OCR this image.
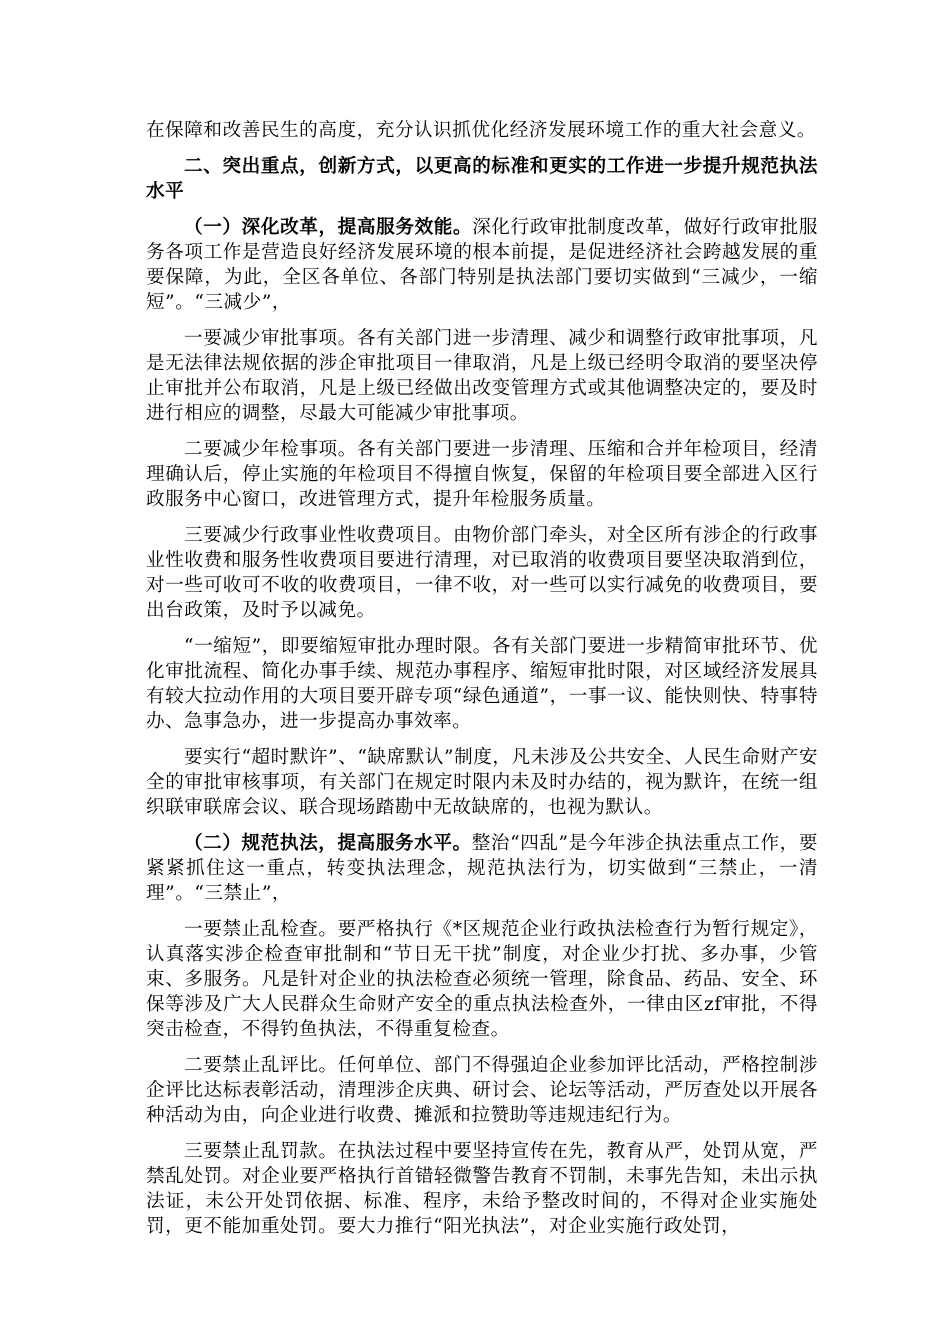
在保障和改善民生的高度，充分认识抓优化经济发展环境工作的重大社会意义。

二、突出重点，创新方式，以更高的标准和更实的工作进一步提升规范执法水平

（一）深化改革，提高服务效能。深化行政审批制度改革，做好行政审批服务各项工作是营造良好经济发展环境的根本前提，是促进经济社会跨越发展的重要保障，为此，全区各单位、各部门特别是执法部门要切实做到“三减少，一缩短”。“三减少”，

一要减少审批事项。各有关部门进一步清理、减少和调整行政审批事项，凡是无法律法规依据的涉企审批项目一律取消，凡是上级已经明令取消的要坚决停止审批并公布取消，凡是上级已经做出改变管理方式或其他调整决定的，要及时进行相应的调整，尽最大可能减少审批事项。

二要减少年检事项。各有关部门要进一步清理、压缩和合并年检项目，经清理确认后，停止实施的年检项目不得擅自恢复，保留的年检项目要全部进入区行政服务中心窗口，改进管理方式，提升年检服务质量。

三要减少行政事业性收费项目。由物价部门牵头，对全区所有涉企的行政事业性收费和服务性收费项目要进行清理，对已取消的收费项目要坚决取消到位，对一些可收可不收的收费项目，一律不收，对一些可以实行减免的收费项目，要出台政策，及时予以减免。

“一缩短”，即要缩短审批办理时限。各有关部门要进一步精简审批环节、优化审批流程、简化办事手续、规范办事程序、缩短审批时限，对区域经济发展具有较大拉动作用的大项目要开辟专项“绿色通道”，一事一议、能快则快、特事特办、急事急办，进一步提高办事效率。

要实行“超时默许”、“缺席默认”制度，凡未涉及公共安全、人民生命财产安全的审批审核事项，有关部门在规定时限内未及时办结的，视为默许，在统一组织联审联席会议、联合现场踏勘中无故缺席的，也视为默认。

（二）规范执法，提高服务水平。整治“四乱”是今年涉企执法重点工作，要紧紧抓住这一重点，转变执法理念，规范执法行为，切实做到“三禁止，一清理”。“三禁止”，

一要禁止乱检查。要严格执行《*区规范企业行政执法检查行为暂行规定》，认真落实涉企检查审批制和“节日无干扰”制度，对企业少打扰、多办事，少管束、多服务。凡是针对企业的执法检查必须统一管理，除食品、药品、安全、环保等涉及广大人民群众生命财产安全的重点执法检查外，一律由区zf审批，不得突击检查，不得钓鱼执法，不得重复检查。

二要禁止乱评比。任何单位、部门不得强迫企业参加评比活动，严格控制涉企评比达标表彰活动，清理涉企庆典、研讨会、论坛等活动，严厉查处以开展各种活动为由，向企业进行收费、摊派和拉赞助等违规违纪行为。

三要禁止乱罚款。在执法过程中要坚持宣传在先，教育从严，处罚从宽，严禁乱处罚。对企业要严格执行首错轻微警告教育不罚制，未事先告知，未出示执法证，未公开处罚依据、标准、程序，未给予整改时间的，不得对企业实施处罚，更不能加重处罚。要大力推行“阳光执法”，对企业实施行政处罚，
